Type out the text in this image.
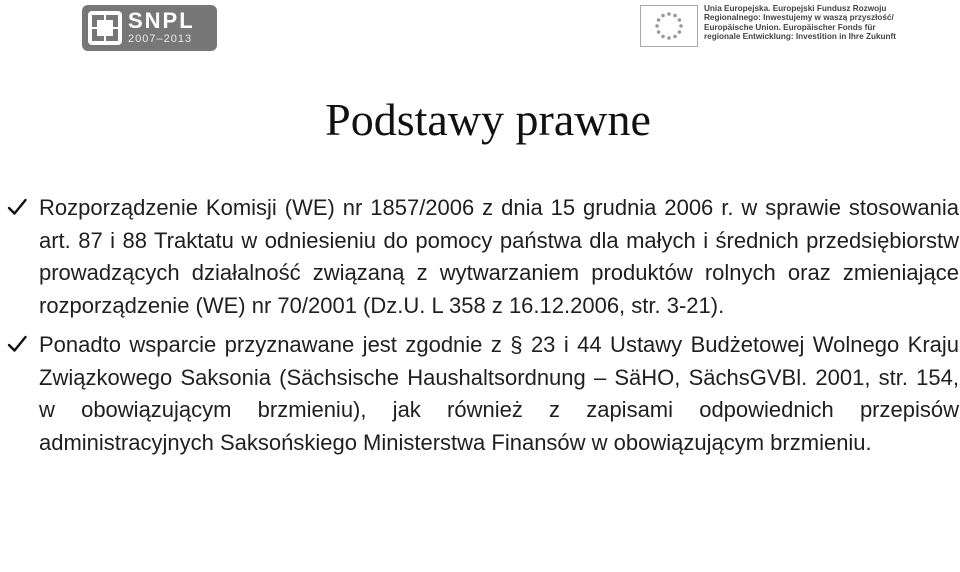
SNPL
2007–2013
Unia Europejska. Europejski Fundusz Rozwoju
Regionalnego: Inwestujemy w waszą przyszłość/
Europäische Union. Europäischer Fonds für
regionale Entwicklung: Investition in Ihre Zukunft
Podstawy prawne
Rozporządzenie Komisji (WE) nr 1857/2006 z dnia 15 grudnia 2006 r. w sprawie stosowania art. 87 i 88 Traktatu w odniesieniu do pomocy państwa dla małych i średnich przedsiębiorstw prowadzących działalność związaną z wytwarzaniem produktów rolnych oraz zmieniające rozporządzenie (WE) nr 70/2001 (Dz.U. L 358 z 16.12.2006, str. 3-21).
Ponadto wsparcie przyznawane jest zgodnie z § 23 i 44 Ustawy Budżetowej Wolnego Kraju Związkowego Saksonia (Sächsische Haushaltsordnung – SäHO, SächsGVBl. 2001, str. 154, w obowiązującym brzmieniu), jak również z zapisami odpowiednich przepisów administracyjnych Saksońskiego Ministerstwa Finansów w obowiązującym brzmieniu.
